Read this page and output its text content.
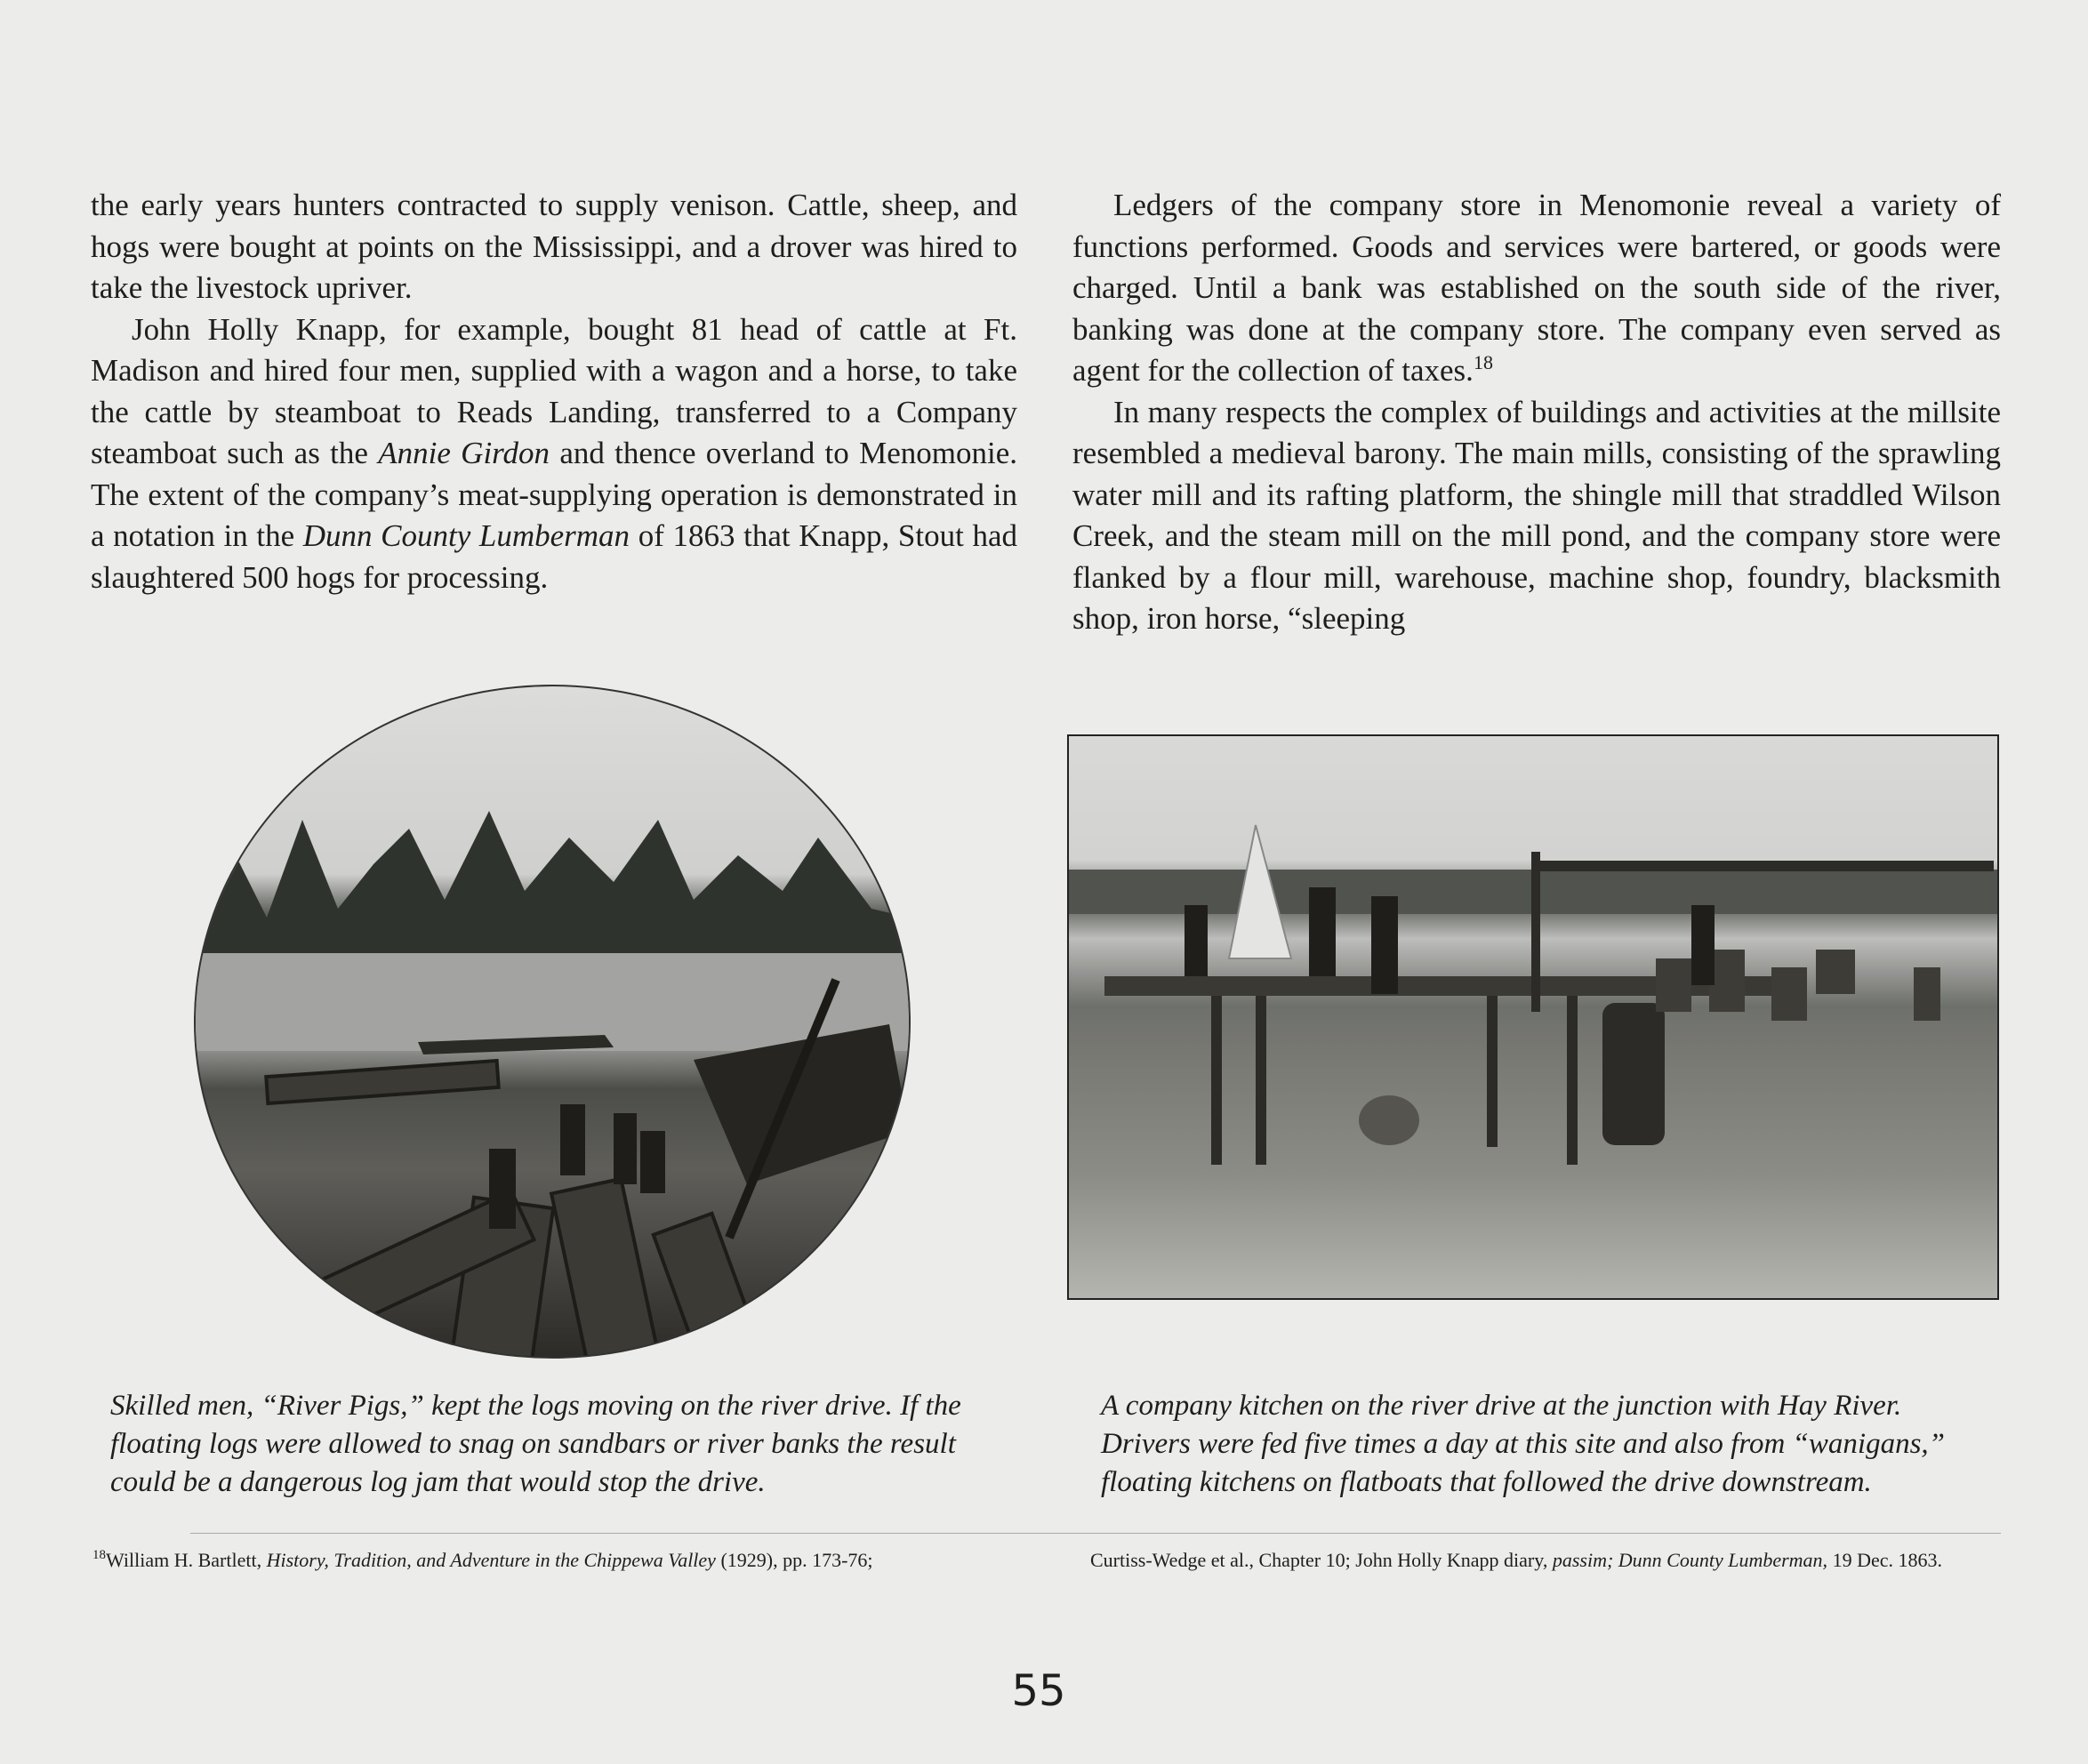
the early years hunters contracted to supply venison. Cattle, sheep, and hogs were bought at points on the Mississippi, and a drover was hired to take the livestock upriver.

John Holly Knapp, for example, bought 81 head of cattle at Ft. Madison and hired four men, supplied with a wagon and a horse, to take the cattle by steamboat to Reads Landing, transferred to a Company steamboat such as the Annie Girdon and thence overland to Menomonie. The extent of the company’s meat-supplying operation is demonstrated in a notation in the Dunn County Lumberman of 1863 that Knapp, Stout had slaughtered 500 hogs for processing.

Ledgers of the company store in Menomonie reveal a variety of functions performed. Goods and services were bartered, or goods were charged. Until a bank was established on the south side of the river, banking was done at the company store. The company even served as agent for the collection of taxes.$^{18}$

In many respects the complex of buildings and activities at the millsite resembled a medieval barony. The main mills, consisting of the sprawling water mill and its rafting platform, the shingle mill that straddled Wilson Creek, and the steam mill on the mill pond, and the company store were flanked by a flour mill, warehouse, machine shop, foundry, blacksmith shop, iron horse, “sleeping

Skilled men, “River Pigs,” kept the logs moving on the river drive. If the
floating logs were allowed to snag on sandbars or river banks the result
could be a dangerous log jam that would stop the drive.

A company kitchen on the river drive at the junction with Hay River.
Drivers were fed five times a day at this site and also from “wanigans,”
floating kitchens on flatboats that followed the drive downstream.

$^{18}$William H. Bartlett, History, Tradition, and Adventure in the Chippewa Valley (1929), pp. 173-76;	Curtiss-Wedge et al., Chapter 10; John Holly Knapp diary, passim; Dunn County Lumberman, 19 Dec. 1863.

55
